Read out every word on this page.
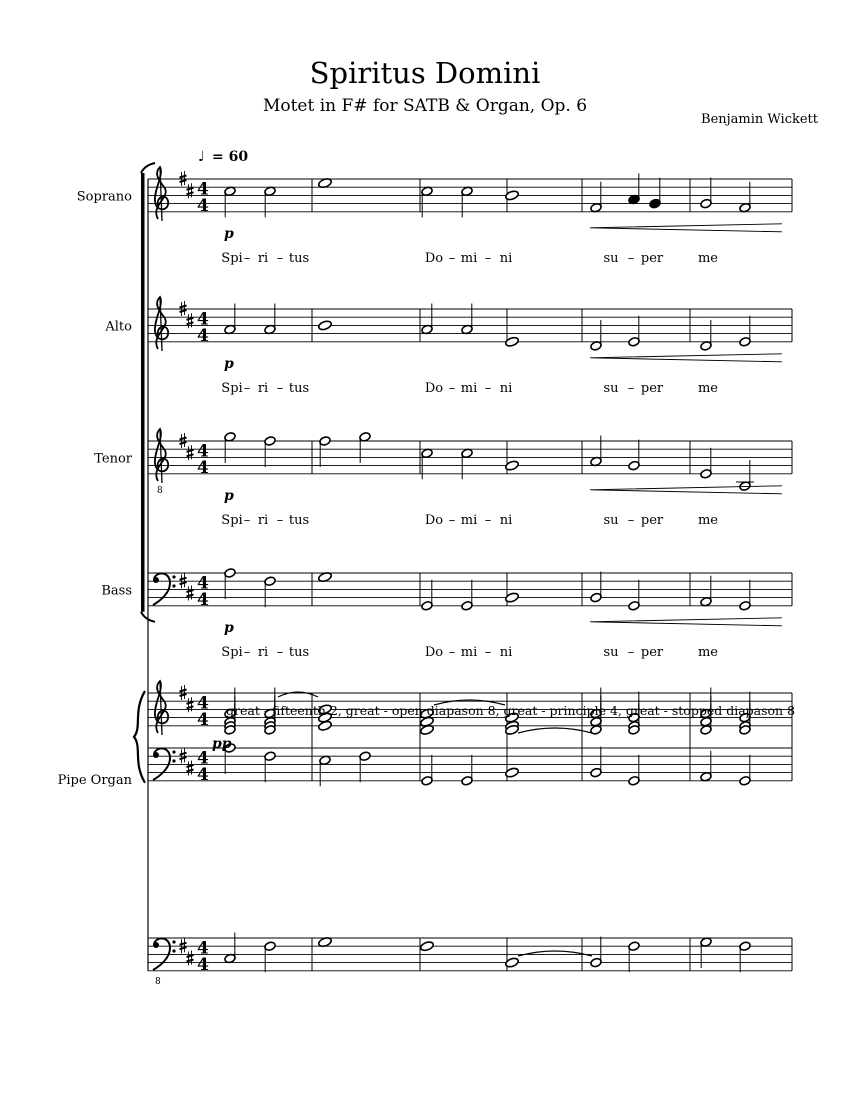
Spiritus Domini
Motet in F# for SATB & Organ, Op. 6
Benjamin Wickett
8
8
4
4
4
4
4
4
4
4
4
4
4
4
4
4
Soprano
p
Spi ri tus	Do mi ni	su per	me
– –	– –	–
Alto
p
Spi ri tus	Do mi ni	su per	me
– –	– –	–
Tenor
p
Spi ri tus	Do mi ni	su per	me
– –	– –	–
Bass
p
Spi ri tus	Do mi ni	su per	me
– –	– –	–
Pipe Organ
pp
♩ = 60
great - fifteenth 2, great - open diapason 8, great - principle 4, great - stopped diapason 8
